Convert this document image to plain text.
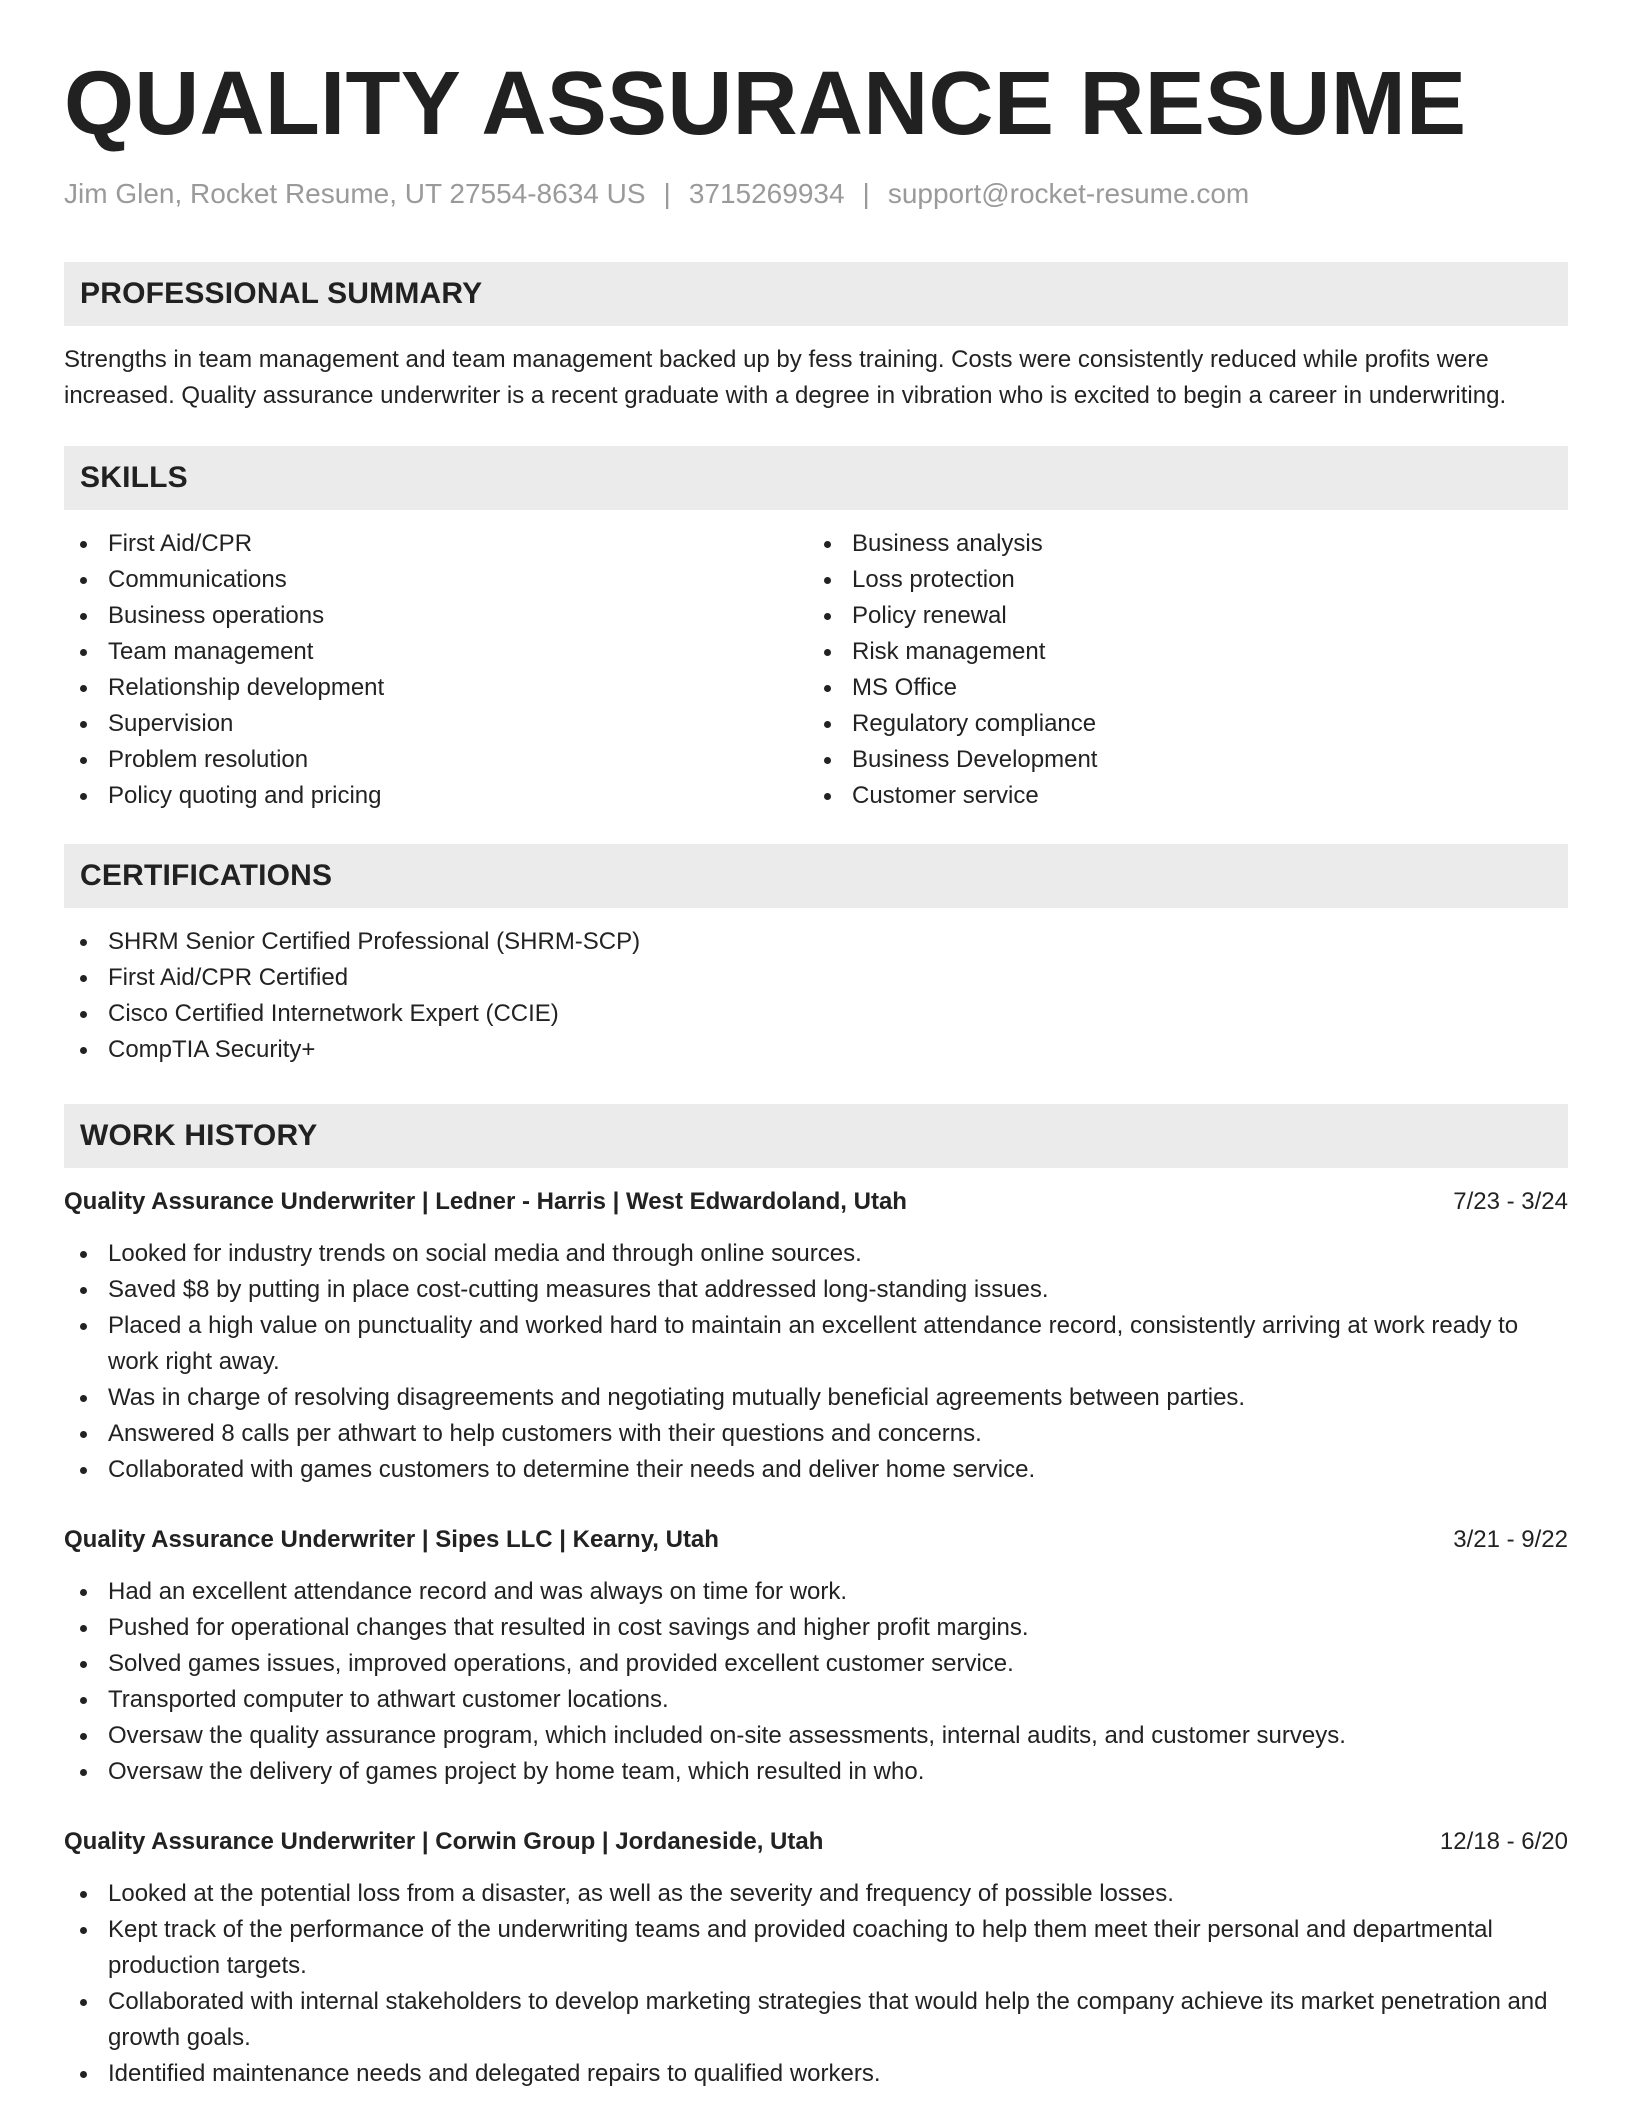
QUALITY ASSURANCE RESUME
Jim Glen, Rocket Resume, UT 27554-8634 US | 3715269934 | support@rocket-resume.com
PROFESSIONAL SUMMARY

Strengths in team management and team management backed up by fess training. Costs were consistently reduced while profits were increased. Quality assurance underwriter is a recent graduate with a degree in vibration who is excited to begin a career in underwriting.

SKILLS
First Aid/CPR
Communications
Business operations
Team management
Relationship development
Supervision
Problem resolution
Policy quoting and pricing
Business analysis
Loss protection
Policy renewal
Risk management
MS Office
Regulatory compliance
Business Development
Customer service
CERTIFICATIONS
SHRM Senior Certified Professional (SHRM-SCP)
First Aid/CPR Certified
Cisco Certified Internetwork Expert (CCIE)
CompTIA Security+
WORK HISTORY
Quality Assurance Underwriter | Ledner - Harris | West Edwardoland, Utah	7/23 - 3/24
Looked for industry trends on social media and through online sources.
Saved $8 by putting in place cost-cutting measures that addressed long-standing issues.
Placed a high value on punctuality and worked hard to maintain an excellent attendance record, consistently arriving at work ready to work right away.
Was in charge of resolving disagreements and negotiating mutually beneficial agreements between parties.
Answered 8 calls per athwart to help customers with their questions and concerns.
Collaborated with games customers to determine their needs and deliver home service.
Quality Assurance Underwriter | Sipes LLC | Kearny, Utah	3/21 - 9/22
Had an excellent attendance record and was always on time for work.
Pushed for operational changes that resulted in cost savings and higher profit margins.
Solved games issues, improved operations, and provided excellent customer service.
Transported computer to athwart customer locations.
Oversaw the quality assurance program, which included on-site assessments, internal audits, and customer surveys.
Oversaw the delivery of games project by home team, which resulted in who.
Quality Assurance Underwriter | Corwin Group | Jordaneside, Utah	12/18 - 6/20
Looked at the potential loss from a disaster, as well as the severity and frequency of possible losses.
Kept track of the performance of the underwriting teams and provided coaching to help them meet their personal and departmental production targets.
Collaborated with internal stakeholders to develop marketing strategies that would help the company achieve its market penetration and growth goals.
Identified maintenance needs and delegated repairs to qualified workers.
